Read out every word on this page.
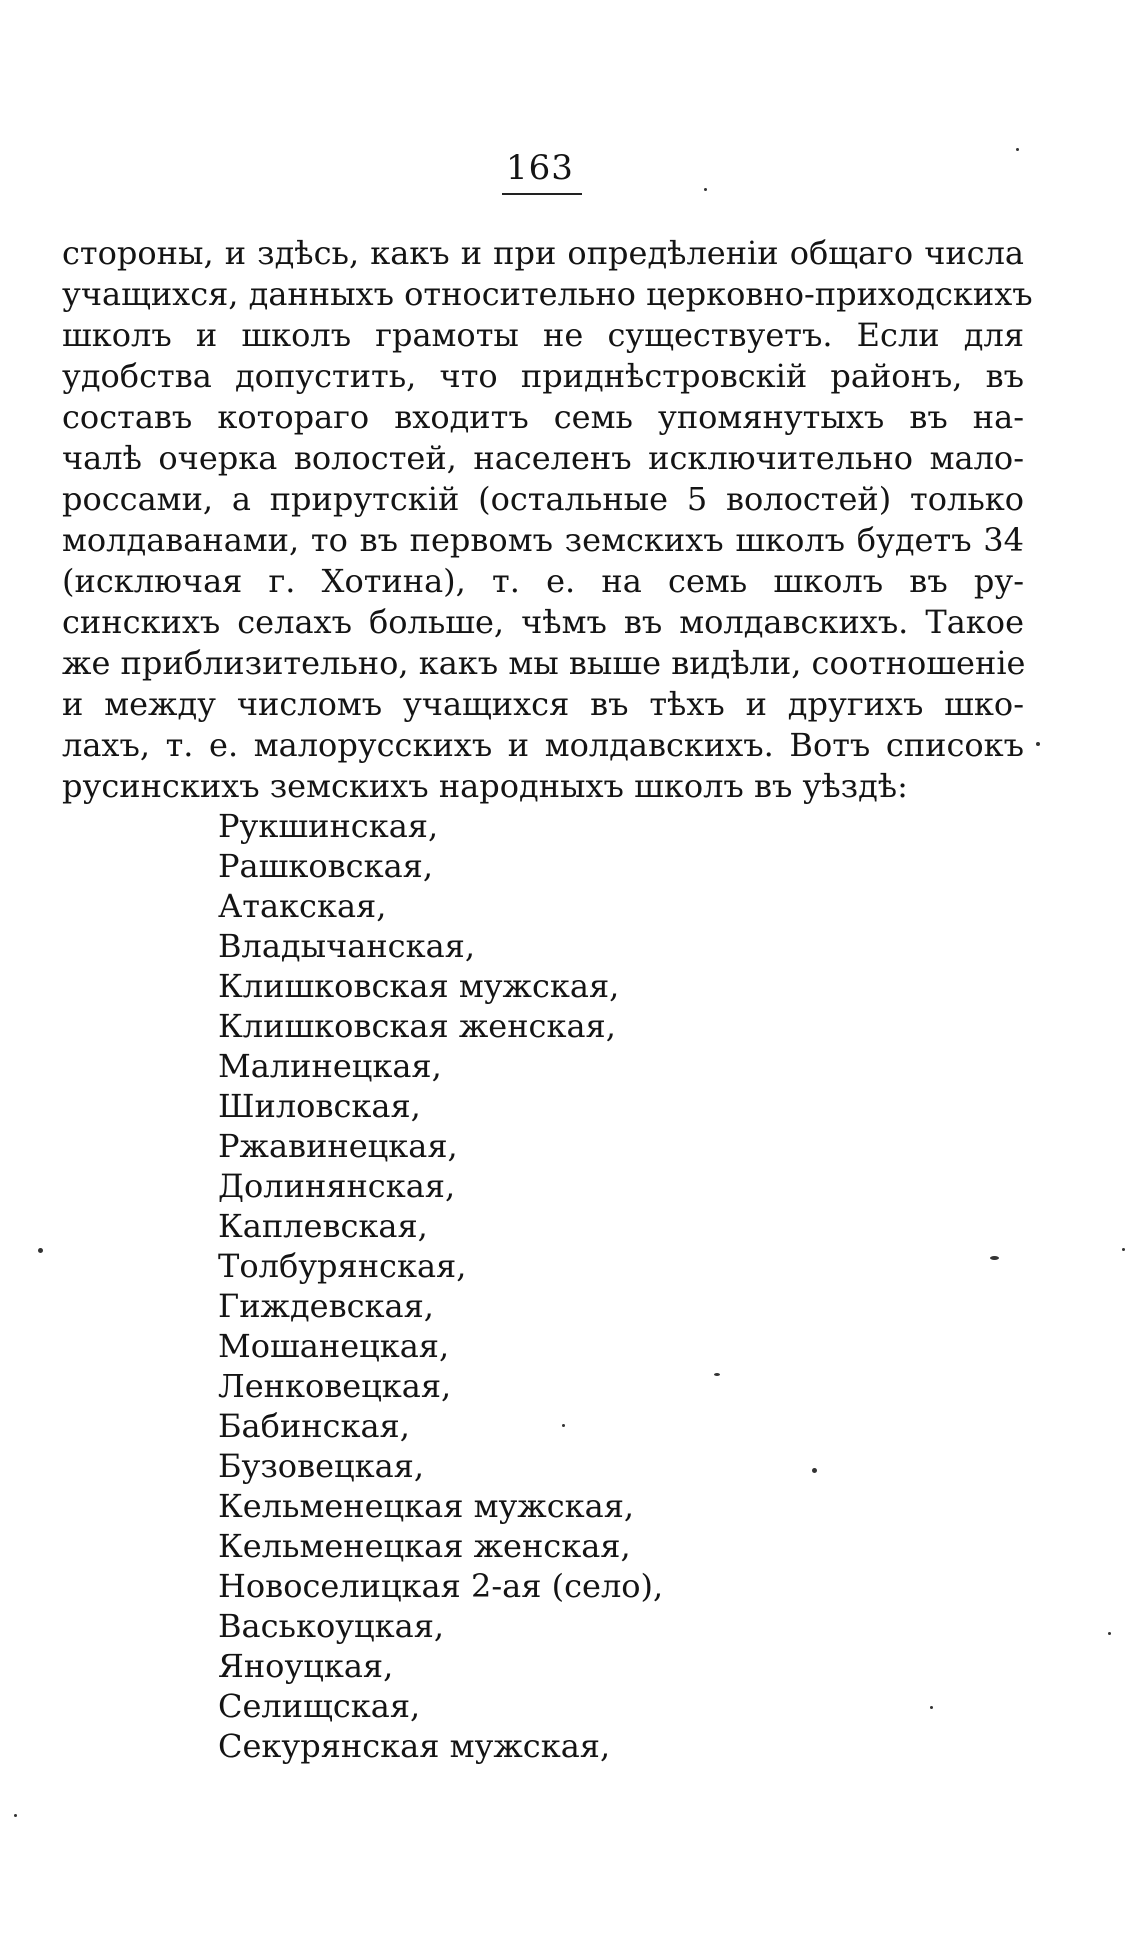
163
стороны, и здѣсь, какъ и при опредѣленіи общаго числа
учащихся, данныхъ относительно церковно-приходскихъ
школъ и школъ грамоты не существуетъ. Если для
удобства допустить, что приднѣстровскій районъ, въ
составъ котораго входитъ семь упомянутыхъ въ на-
чалѣ очерка волостей, населенъ исключительно мало-
россами, а прирутскій (остальные 5 волостей) только
молдаванами, то въ первомъ земскихъ школъ будетъ 34
(исключая г. Хотина), т. е. на семь школъ въ ру-
синскихъ селахъ больше, чѣмъ въ молдавскихъ. Такое
же приблизительно, какъ мы выше видѣли, соотношеніе
и между числомъ учащихся въ тѣхъ и другихъ шко-
лахъ, т. е. малорусскихъ и молдавскихъ. Вотъ списокъ
русинскихъ земскихъ народныхъ школъ въ уѣздѣ:
Рукшинская,
Рашковская,
Атакская,
Владычанская,
Клишковская мужская,
Клишковская женская,
Малинецкая,
Шиловская,
Ржавинецкая,
Долинянская,
Каплевская,
Толбурянская,
Гиждевская,
Мошанецкая,
Ленковецкая,
Бабинская,
Бузовецкая,
Кельменецкая мужская,
Кельменецкая женская,
Новоселицкая 2-ая (село),
Васькоуцкая,
Яноуцкая,
Селищская,
Секурянская мужская,
